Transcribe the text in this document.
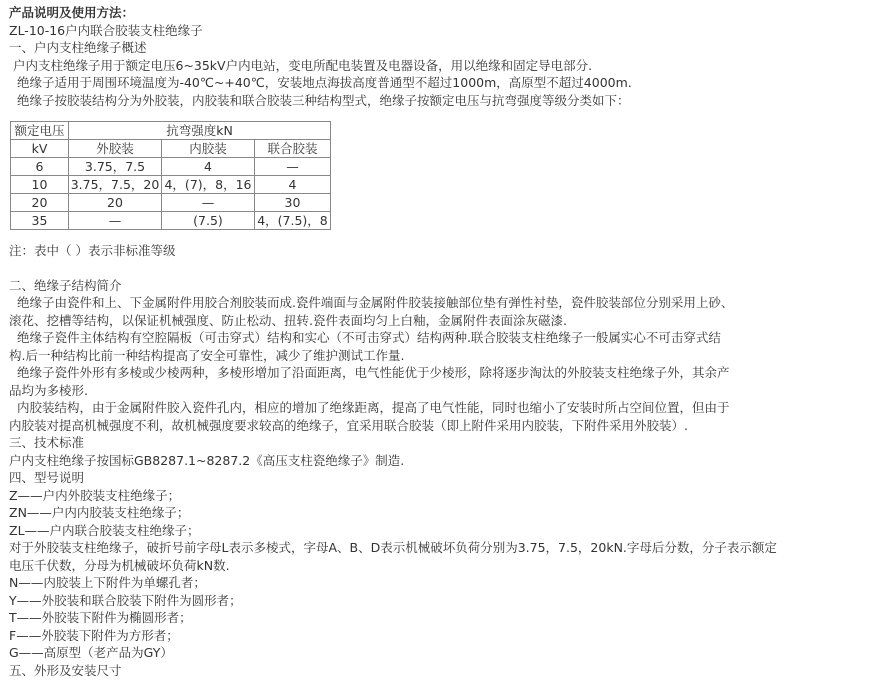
产品说明及使用方法：
ZL-10-16户内联合胶装支柱绝缘子
一、户内支柱绝缘子概述
户内支柱绝缘子用于额定电压6~35kV户内电站，变电所配电装置及电器设备，用以绝缘和固定导电部分.
绝缘子适用于周围环境温度为-40℃~+40℃，安装地点海拔高度普通型不超过1000m，高原型不超过4000m.
绝缘子按胶装结构分为外胶装，内胶装和联合胶装三种结构型式，绝缘子按额定电压与抗弯强度等级分类如下：
额定电压	抗弯强度kN		
kV	外胶装	内胶装	联合胶装
6	3.75，7.5	4	—
10	3.75，7.5，20	4，(7)，8，16	4
20	20	—	30
35	—	(7.5)	4，(7.5)，8
注：表中（ ）表示非标准等级
二、绝缘子结构简介
绝缘子由瓷件和上、下金属附件用胶合剂胶装而成.瓷件端面与金属附件胶装接触部位垫有弹性衬垫，瓷件胶装部位分别采用上砂、
滚花、挖槽等结构，以保证机械强度、防止松动、扭转.瓷件表面均匀上白釉，金属附件表面涂灰磁漆.
绝缘子瓷件主体结构有空腔隔板（可击穿式）结构和实心（不可击穿式）结构两种.联合胶装支柱绝缘子一般属实心不可击穿式结
构.后一种结构比前一种结构提高了安全可靠性，减少了维护测试工作量.
绝缘子瓷件外形有多棱或少棱两种，多棱形增加了沿面距离，电气性能优于少棱形，除将逐步淘汰的外胶装支柱绝缘子外，其余产
品均为多棱形.
内胶装结构，由于金属附件胶入瓷件孔内，相应的增加了绝缘距离，提高了电气性能，同时也缩小了安装时所占空间位置，但由于
内胶装对提高机械强度不利，故机械强度要求较高的绝缘子，宜采用联合胶装（即上附件采用内胶装，下附件采用外胶装）.
三、技术标准
户内支柱绝缘子按国标GB8287.1~8287.2《高压支柱瓷绝缘子》制造.
四、型号说明
Z——户内外胶装支柱绝缘子；
ZN——户内内胶装支柱绝缘子；
ZL——户内联合胶装支柱绝缘子；
对于外胶装支柱绝缘子，破折号前字母L表示多棱式，字母A、B、D表示机械破坏负荷分别为3.75，7.5，20kN.字母后分数，分子表示额定
电压千伏数，分母为机械破坏负荷kN数.
N——内胶装上下附件为单螺孔者；
Y——外胶装和联合胶装下附件为圆形者；
T——外胶装下附件为椭圆形者；
F——外胶装下附件为方形者；
G——高原型（老产品为GY）
五、外形及安装尺寸
